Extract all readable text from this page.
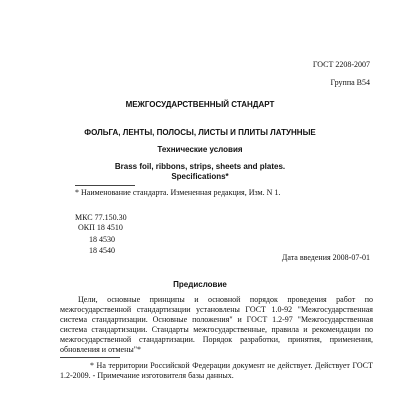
ГОСТ 2208-2007
Группа В54
МЕЖГОСУДАРСТВЕННЫЙ СТАНДАРТ
ФОЛЬГА, ЛЕНТЫ, ПОЛОСЫ, ЛИСТЫ И ПЛИТЫ ЛАТУННЫЕ
Технические условия
Brass foil, ribbons, strips, sheets and plates.
Specifications*
* Наименование стандарта. Измененная редакция, Изм. N 1.
МКС 77.150.30
ОКП 18 4510
18 4530
18 4540
Дата введения 2008-07-01
Предисловие
Цели, основные принципы и основной порядок проведения работ по межгосударственной стандартизации установлены ГОСТ 1.0-92 "Межгосударственная система стандартизации. Основные положения" и ГОСТ 1.2-97 "Межгосударственная система стандартизации. Стандарты межгосударственные, правила и рекомендации по межгосударственной стандартизации. Порядок разработки, принятия, применения, обновления и отмены"*
* На территории Российской Федерации документ не действует. Действует ГОСТ 1.2-2009. - Примечание изготовителя базы данных.
